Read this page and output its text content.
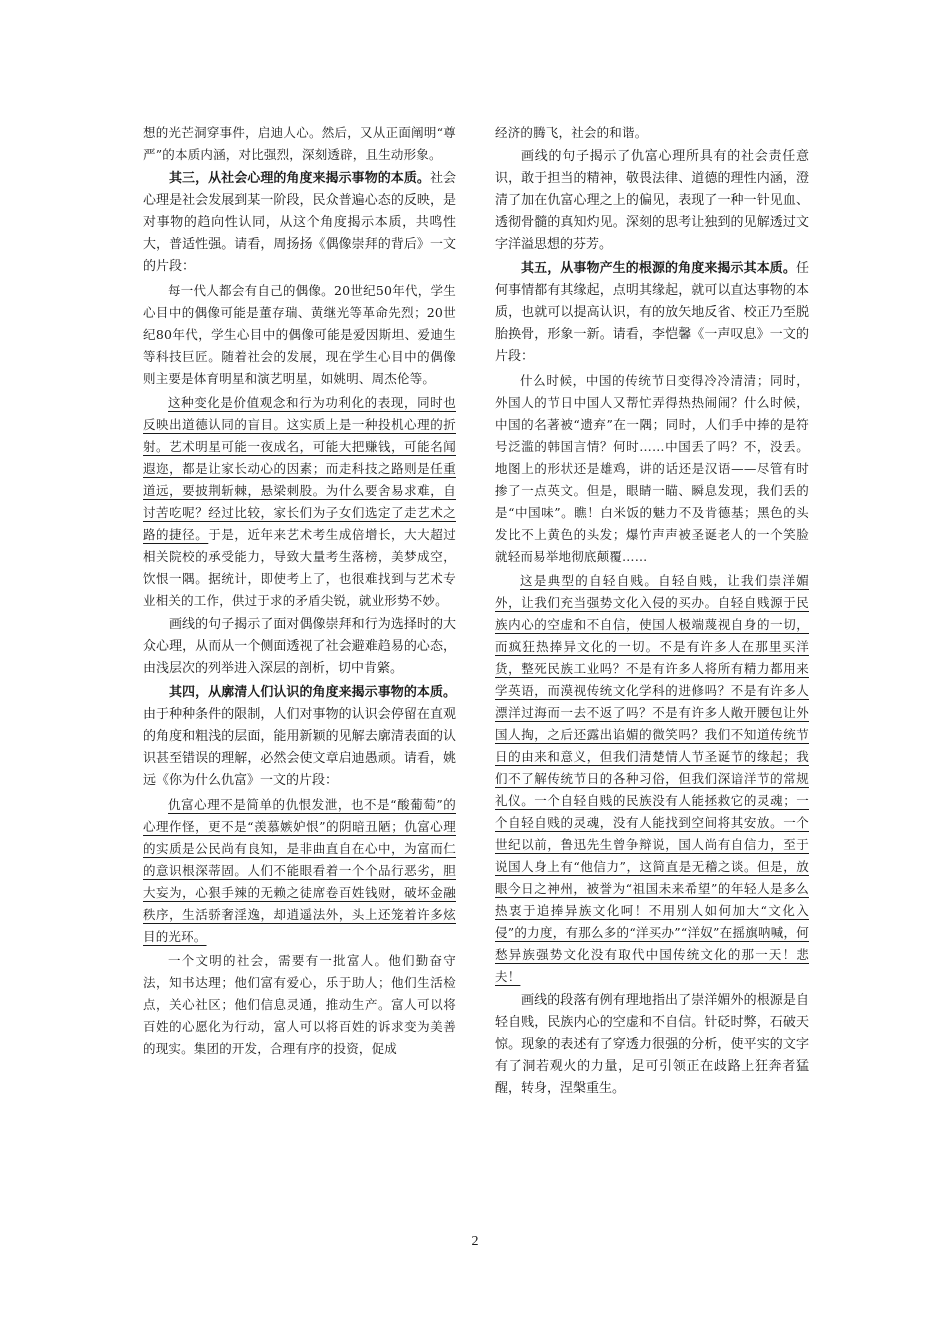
想的光芒洞穿事件，启迪人心。然后，又从正面阐明“尊严”的本质内涵，对比强烈，深刻透辟，且生动形象。

其三，从社会心理的角度来揭示事物的本质。社会心理是社会发展到某一阶段，民众普遍心态的反映，是对事物的趋向性认同，从这个角度揭示本质，共鸣性大，普适性强。请看，周扬扬《偶像崇拜的背后》一文的片段：

每一代人都会有自己的偶像。20世纪50年代，学生心目中的偶像可能是董存瑞、黄继光等革命先烈；20世纪80年代，学生心目中的偶像可能是爱因斯坦、爱迪生等科技巨匠。随着社会的发展，现在学生心目中的偶像则主要是体育明星和演艺明星，如姚明、周杰伦等。

这种变化是价值观念和行为功利化的表现，同时也反映出道德认同的盲目。这实质上是一种投机心理的折射。艺术明星可能一夜成名，可能大把赚钱，可能名闻遐迩，都是让家长动心的因素；而走科技之路则是任重道远，要披荆斩棘，悬梁刺股。为什么要舍易求难，自讨苦吃呢？经过比较，家长们为子女们选定了走艺术之路的捷径。于是，近年来艺术考生成倍增长，大大超过相关院校的承受能力，导致大量考生落榜，美梦成空，饮恨一隅。据统计，即使考上了，也很难找到与艺术专业相关的工作，供过于求的矛盾尖锐，就业形势不妙。

画线的句子揭示了面对偶像崇拜和行为选择时的大众心理，从而从一个侧面透视了社会避难趋易的心态，由浅层次的列举进入深层的剖析，切中肯綮。

其四，从廓清人们认识的角度来揭示事物的本质。由于种种条件的限制，人们对事物的认识会停留在直观的角度和粗浅的层面，能用新颖的见解去廓清表面的认识甚至错误的理解，必然会使文章启迪愚顽。请看，姚远《你为什么仇富》一文的片段：

仇富心理不是简单的仇恨发泄，也不是“酸葡萄”的心理作怪，更不是“羡慕嫉妒恨”的阴暗丑陋；仇富心理的实质是公民尚有良知，是非曲直自在心中，为富而仁的意识根深蒂固。人们不能眼看着一个个品行恶劣，胆大妄为，心狠手辣的无赖之徒席卷百姓钱财，破坏金融秩序，生活骄奢淫逸，却逍遥法外，头上还笼着许多炫目的光环。

一个文明的社会，需要有一批富人。他们勤奋守法，知书达理；他们富有爱心，乐于助人；他们生活检点，关心社区；他们信息灵通，推动生产。富人可以将百姓的心愿化为行动，富人可以将百姓的诉求变为美善的现实。集团的开发，合理有序的投资，促成

经济的腾飞，社会的和谐。

画线的句子揭示了仇富心理所具有的社会责任意识，敢于担当的精神，敬畏法律、道德的理性内涵，澄清了加在仇富心理之上的偏见，表现了一种一针见血、透彻骨髓的真知灼见。深刻的思考让独到的见解透过文字洋溢思想的芬芳。

其五，从事物产生的根源的角度来揭示其本质。任何事情都有其缘起，点明其缘起，就可以直达事物的本质，也就可以提高认识，有的放矢地反省、校正乃至脱胎换骨，形象一新。请看，李恺馨《一声叹息》一文的片段：

什么时候，中国的传统节日变得冷冷清清；同时，外国人的节日中国人又帮忙弄得热热闹闹？什么时候，中国的名著被“遗弃”在一隅；同时，人们手中捧的是符号泛滥的韩国言情？何时……中国丢了吗？不，没丢。地图上的形状还是雄鸡，讲的话还是汉语——尽管有时掺了一点英文。但是，眼睛一瞄、瞬息发现，我们丢的是“中国味”。瞧！白米饭的魅力不及肯德基；黑色的头发比不上黄色的头发；爆竹声声被圣诞老人的一个笑脸就轻而易举地彻底颠覆……

这是典型的自轻自贱。自轻自贱，让我们崇洋媚外，让我们充当强势文化入侵的买办。自轻自贱源于民族内心的空虚和不自信，使国人极端蔑视自身的一切，而疯狂热捧异文化的一切。不是有许多人在那里买洋货，整死民族工业吗？不是有许多人将所有精力都用来学英语，而漠视传统文化学科的进修吗？不是有许多人漂洋过海而一去不返了吗？不是有许多人敞开腰包让外国人掏，之后还露出谄媚的微笑吗？我们不知道传统节日的由来和意义，但我们清楚情人节圣诞节的缘起；我们不了解传统节日的各种习俗，但我们深谙洋节的常规礼仪。一个自轻自贱的民族没有人能拯救它的灵魂；一个自轻自贱的灵魂，没有人能找到空间将其安放。一个世纪以前，鲁迅先生曾争辩说，国人尚有自信力，至于说国人身上有“他信力”，这简直是无稽之谈。但是，放眼今日之神州，被誉为“祖国未来希望”的年轻人是多么热衷于追捧异族文化呵！不用别人如何加大“文化入侵”的力度，有那么多的“洋买办”“洋奴”在摇旗呐喊，何愁异族强势文化没有取代中国传统文化的那一天！悲夫！

画线的段落有例有理地指出了崇洋媚外的根源是自轻自贱，民族内心的空虚和不自信。针砭时弊，石破天惊。现象的表述有了穿透力很强的分析，使平实的文字有了洞若观火的力量，足可引领正在歧路上狂奔者猛醒，转身，涅槃重生。

2
